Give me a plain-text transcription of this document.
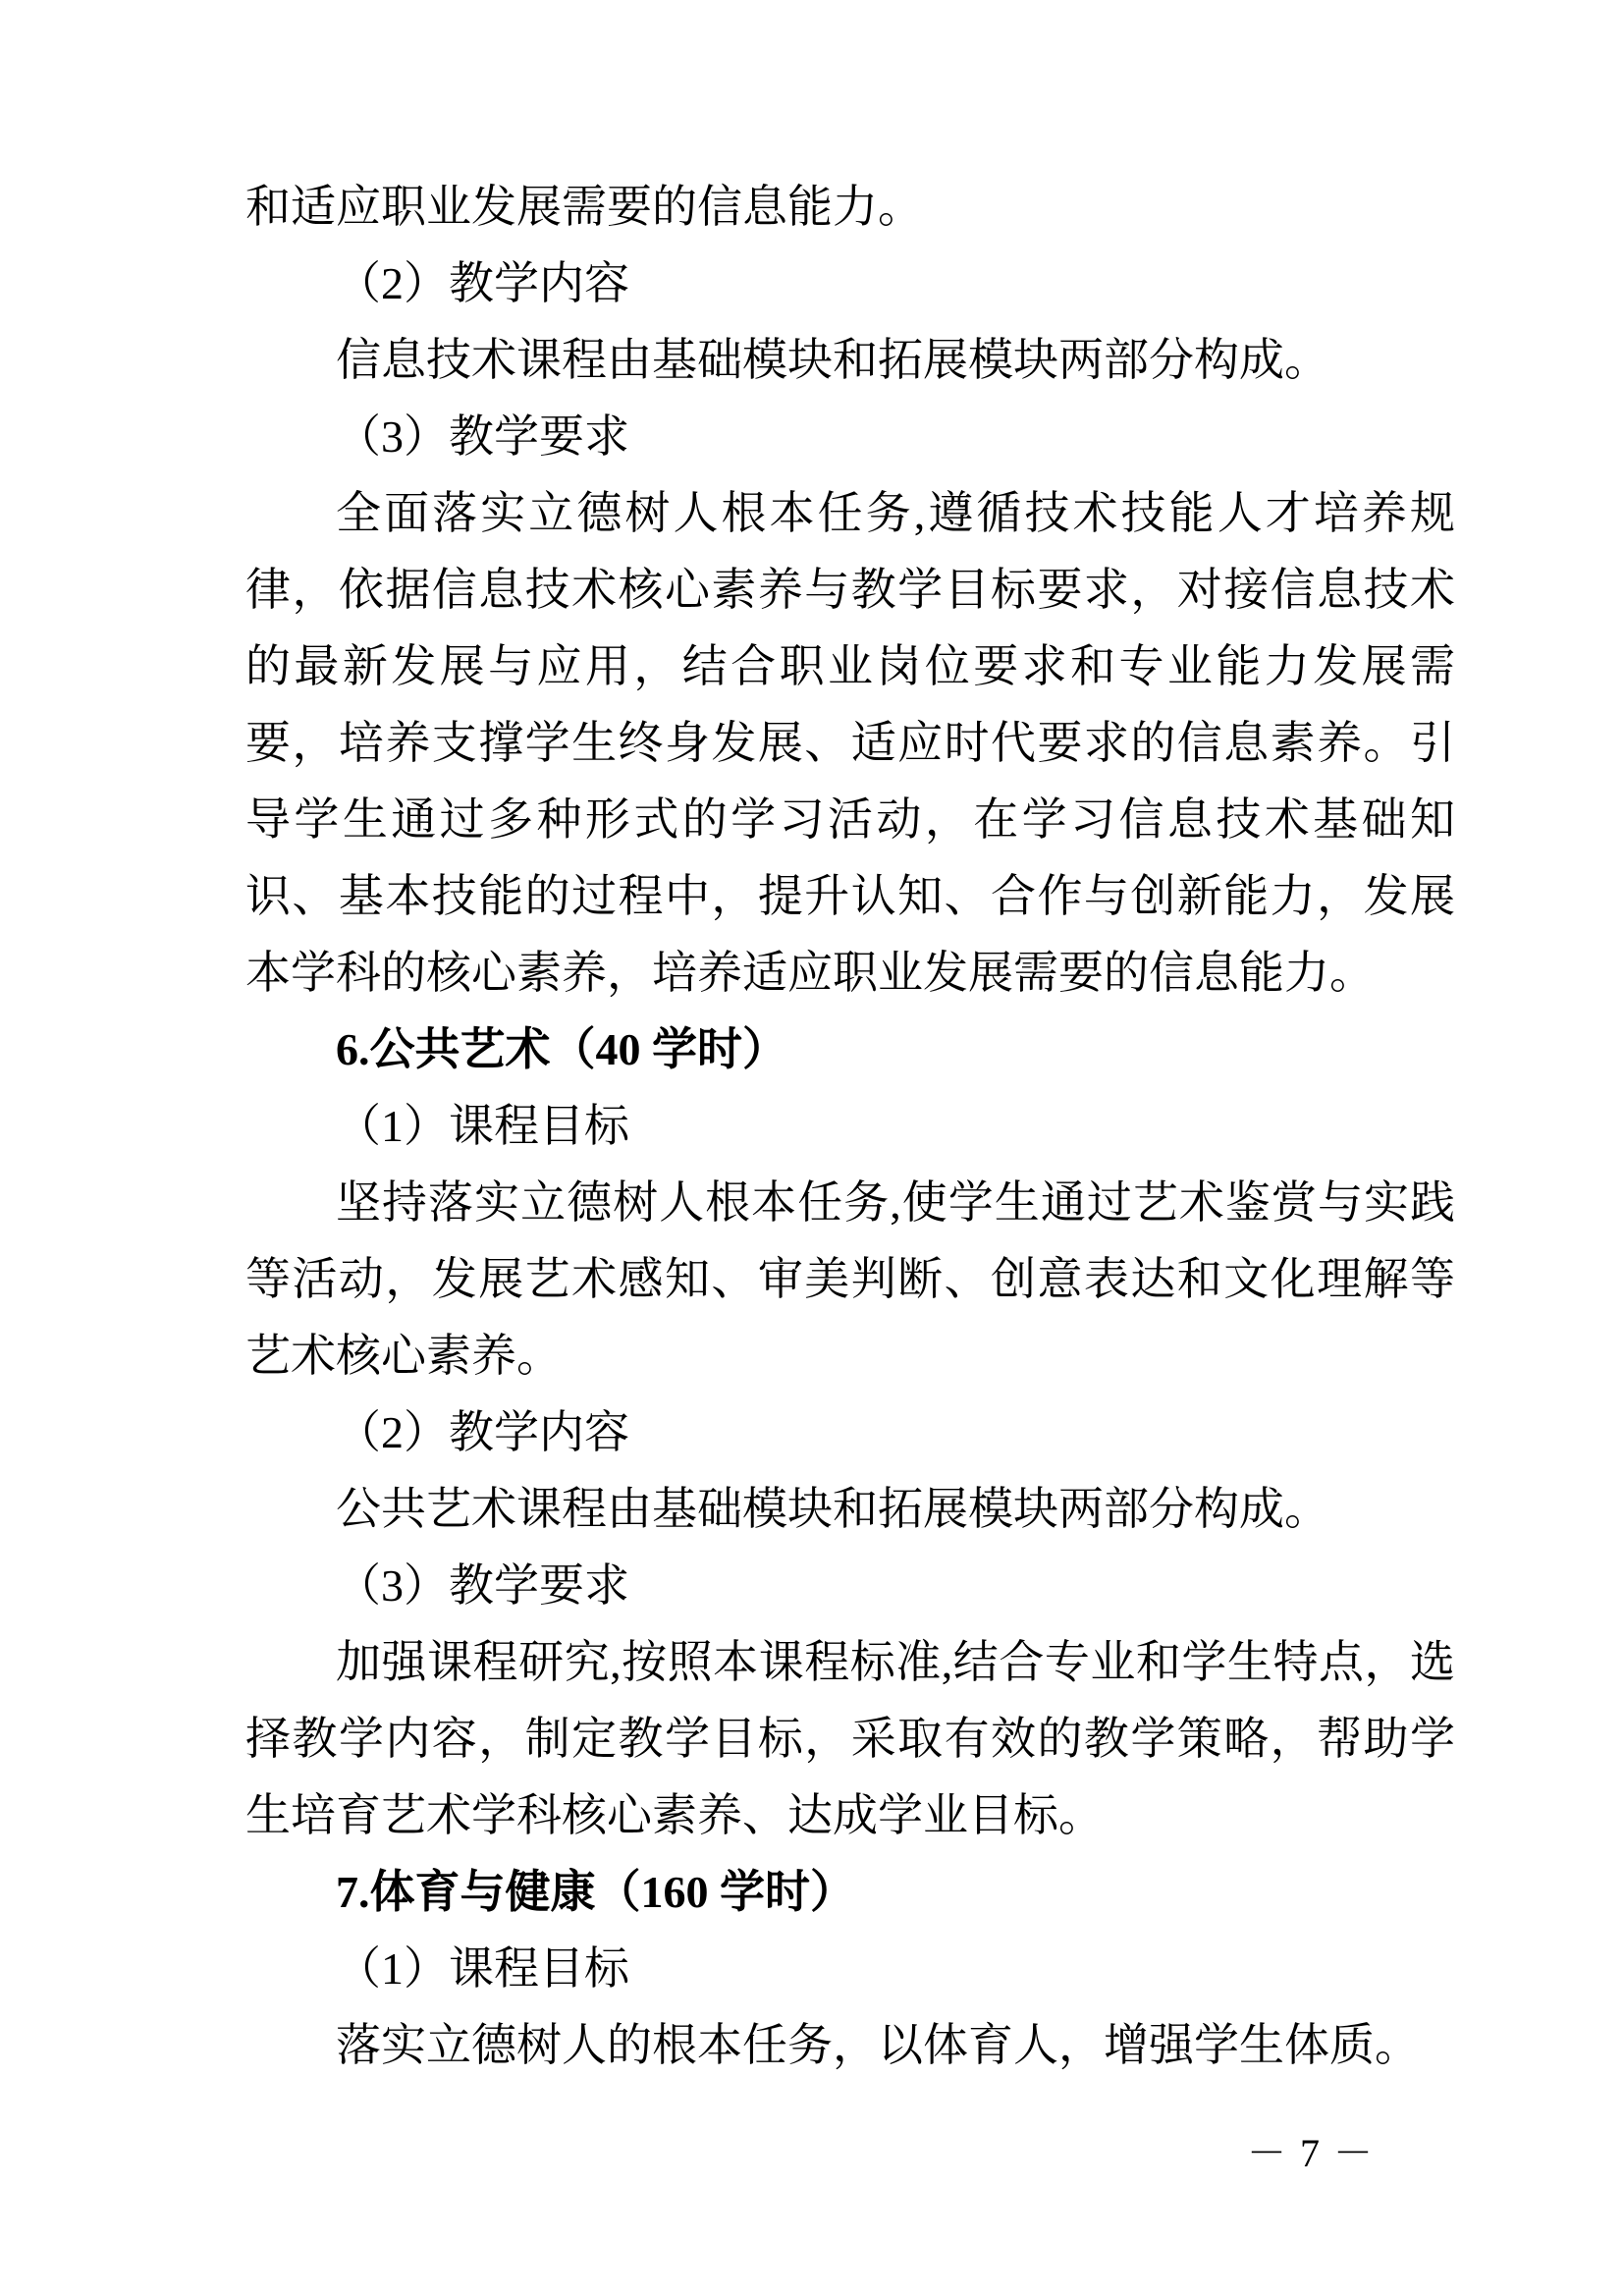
和适应职业发展需要的信息能力。

（2）教学内容

信息技术课程由基础模块和拓展模块两部分构成。

（3）教学要求

全面落实立德树人根本任务,遵循技术技能人才培养规律，依据信息技术核心素养与教学目标要求，对接信息技术的最新发展与应用，结合职业岗位要求和专业能力发展需要，培养支撑学生终身发展、适应时代要求的信息素养。引导学生通过多种形式的学习活动，在学习信息技术基础知识、基本技能的过程中，提升认知、合作与创新能力，发展本学科的核心素养，培养适应职业发展需要的信息能力。

6.公共艺术（40 学时）

（1）课程目标

坚持落实立德树人根本任务,使学生通过艺术鉴赏与实践等活动，发展艺术感知、审美判断、创意表达和文化理解等艺术核心素养。

（2）教学内容

公共艺术课程由基础模块和拓展模块两部分构成。

（3）教学要求

加强课程研究,按照本课程标准,结合专业和学生特点，选择教学内容，制定教学目标，采取有效的教学策略，帮助学生培育艺术学科核心素养、达成学业目标。

7.体育与健康（160 学时）

（1）课程目标

落实立德树人的根本任务，以体育人，增强学生体质。

－ 7 －
